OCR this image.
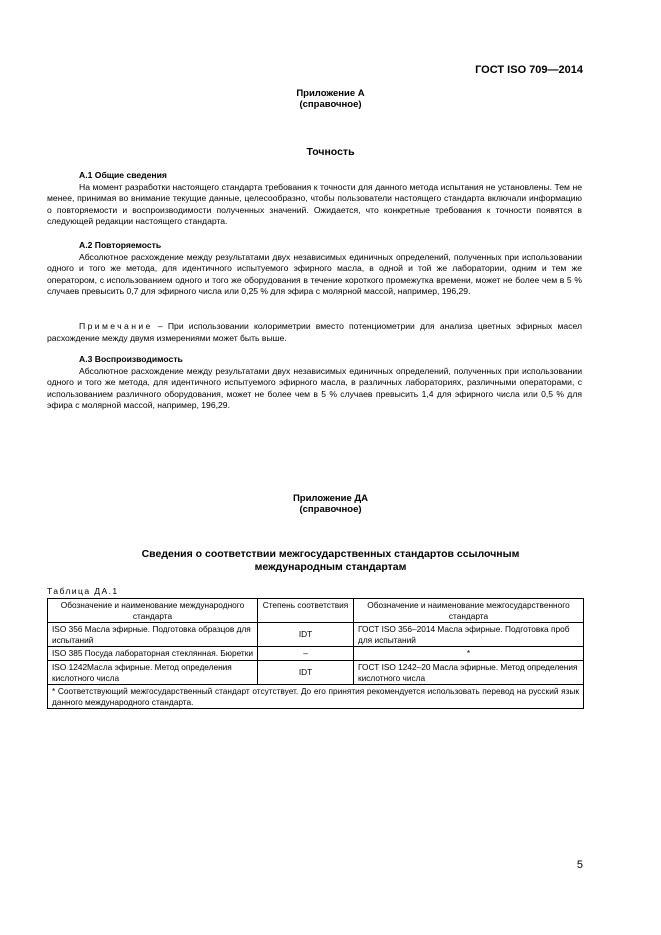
ГОСТ ISO 709—2014
Приложение А
(справочное)
Точность
А.1 Общие сведения
На момент разработки настоящего стандарта требования к точности для данного метода испытания не установлены. Тем не менее, принимая во внимание текущие данные, целесообразно, чтобы пользователи настоящего стандарта включали информацию о повторяемости и воспроизводимости полученных значений. Ожидается, что конкретные требования к точности появятся в следующей редакции настоящего стандарта.
А.2 Повторяемость
Абсолютное расхождение между результатами двух независимых единичных определений, полученных при использовании одного и того же метода, для идентичного испытуемого эфирного масла, в одной и той же лаборатории, одним и тем же оператором, с использованием одного и того же оборудования в течение короткого промежутка времени, может не более чем в 5 % случаев превысить 0,7 для эфирного числа или 0,25 % для эфира с молярной массой, например, 196,29.
Примечание – При использовании колориметрии вместо потенциометрии для анализа цветных эфирных масел расхождение между двумя измерениями может быть выше.
А.3 Воспроизводимость
Абсолютное расхождение между результатами двух независимых единичных определений, полученных при использовании одного и того же метода, для идентичного испытуемого эфирного масла, в различных лабораториях, различными операторами, с использованием различного оборудования, может не более чем в 5 % случаев превысить 1,4 для эфирного числа или 0,5 % для эфира с молярной массой, например, 196,29.
Приложение ДА
(справочное)
Сведения о соответствии межгосударственных стандартов ссылочным
международным стандартам
Таблица ДА.1
Обозначение и наименование международного стандарта	Степень соответствия	Обозначение и наименование межгосударственного стандарта
ISO 356 Масла эфирные. Подготовка образцов для испытаний	IDT	ГОСТ ISO 356–2014 Масла эфирные. Подготовка проб для испытаний
ISO 385 Посуда лабораторная стеклянная. Бюретки	–	*
ISO 1242Масла эфирные. Метод определения кислотного числа	IDT	ГОСТ ISO 1242–20 Масла эфирные. Метод определения кислотного числа
* Соответствующий межгосударственный стандарт отсутствует. До его принятия рекомендуется использовать перевод на русский язык данного международного стандарта.		
5
